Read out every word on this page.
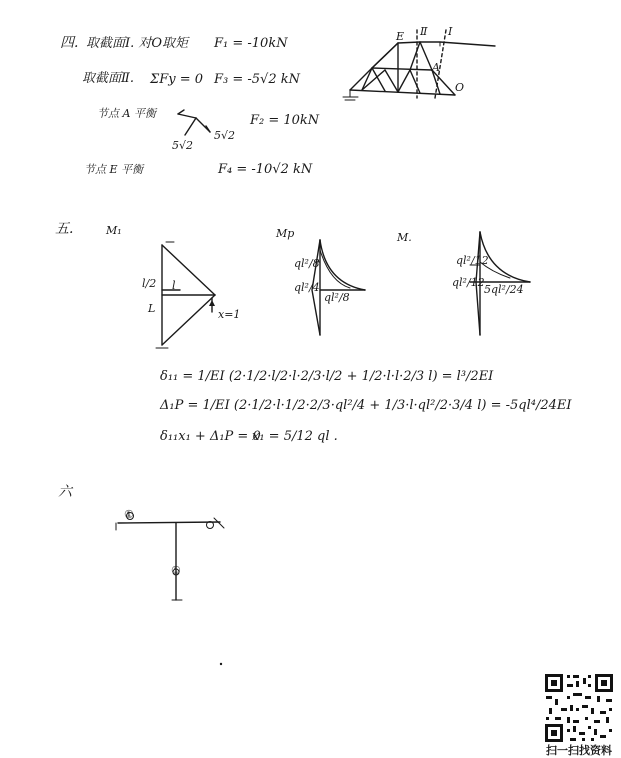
四. 取截面Ⅰ. 对O取矩 F₁ = -10kN
取截面Ⅱ. ΣFy = 0 F₃ = -5√2 kN
节点 A 平衡
5√2
5√2
F₂ = 10kN
节点 E 平衡	F₄ = -10√2 kN
E Ⅱ Ⅰ
A
O
五.	M₁	Mp	M.
l/2 l
L	x=1
ql²/8
ql²/4
ql²/8
ql²/12
ql²/12
5ql²/24
δ₁₁ = 1/EI (2·1/2·l/2·l·2/3·l/2 + 1/2·l·l·2/3 l) = l³/2EI
Δ₁P = 1/EI (2·1/2·l·1/2·2/3·ql²/4 + 1/3·l·ql²/2·3/4 l) = -5ql⁴/24EI
δ₁₁x₁ + Δ₁P = 0
x₁ = 5/12 ql .
六
①
①
扫一扫找资料
